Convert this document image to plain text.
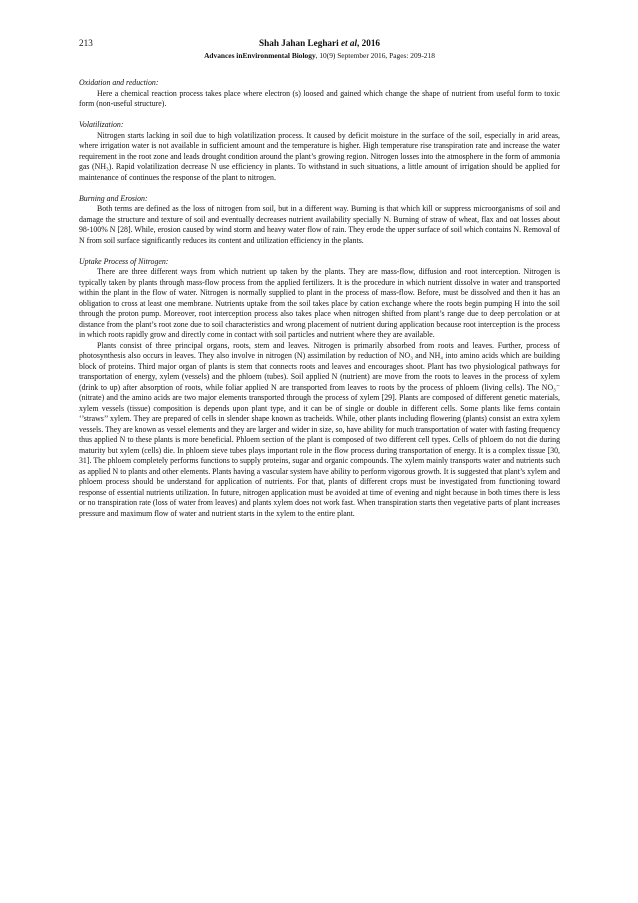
213	Shah Jahan Leghari et al, 2016
Advances inEnvironmental Biology, 10(9) September 2016, Pages: 209-218

Oxidation and reduction:

Here a chemical reaction process takes place where electron (s) loosed and gained which change the shape of nutrient from useful form to toxic form (non-useful structure).

Volatilization:

Nitrogen starts lacking in soil due to high volatilization process. It caused by deficit moisture in the surface of the soil, especially in arid areas, where irrigation water is not available in sufficient amount and the temperature is higher. High temperature rise transpiration rate and increase the water requirement in the root zone and leads drought condition around the plant’s growing region. Nitrogen losses into the atmosphere in the form of ammonia gas (NH₃). Rapid volatilization decrease N use efficiency in plants. To withstand in such situations, a little amount of irrigation should be applied for maintenance of continues the response of the plant to nitrogen.

Burning and Erosion:

Both terms are defined as the loss of nitrogen from soil, but in a different way. Burning is that which kill or suppress microorganisms of soil and damage the structure and texture of soil and eventually decreases nutrient availability specially N. Burning of straw of wheat, flax and oat losses about 98-100% N [28]. While, erosion caused by wind storm and heavy water flow of rain. They erode the upper surface of soil which contains N. Removal of N from soil surface significantly reduces its content and utilization efficiency in the plants.

Uptake Process of Nitrogen:

There are three different ways from which nutrient up taken by the plants. They are mass-flow, diffusion and root interception. Nitrogen is typically taken by plants through mass-flow process from the applied fertilizers. It is the procedure in which nutrient dissolve in water and transported within the plant in the flow of water. Nitrogen is normally supplied to plant in the process of mass-flow. Before, must be dissolved and then it has an obligation to cross at least one membrane. Nutrients uptake from the soil takes place by cation exchange where the roots begin pumping H into the soil through the proton pump. Moreover, root interception process also takes place when nitrogen shifted from plant’s range due to deep percolation or at distance from the plant’s root zone due to soil characteristics and wrong placement of nutrient during application because root interception is the process in which roots rapidly grow and directly come in contact with soil particles and nutrient where they are available.

Plants consist of three principal organs, roots, stem and leaves. Nitrogen is primarily absorbed from roots and leaves. Further, process of photosynthesis also occurs in leaves. They also involve in nitrogen (N) assimilation by reduction of NO₃ and NH₄ into amino acids which are building block of proteins. Third major organ of plants is stem that connects roots and leaves and encourages shoot. Plant has two physiological pathways for transportation of energy, xylem (vessels) and the phloem (tubes). Soil applied N (nutrient) are move from the roots to leaves in the process of xylem (drink to up) after absorption of roots, while foliar applied N are transported from leaves to roots by the process of phloem (living cells). The NO₃⁻ (nitrate) and the amino acids are two major elements transported through the process of xylem [29]. Plants are composed of different genetic materials, xylem vessels (tissue) composition is depends upon plant type, and it can be of single or double in different cells. Some plants like ferns contain ‘’straws’’ xylem. They are prepared of cells in slender shape known as tracheids. While, other plants including flowering (plants) consist an extra xylem vessels. They are known as vessel elements and they are larger and wider in size, so, have ability for much transportation of water with fasting frequency thus applied N to these plants is more beneficial. Phloem section of the plant is composed of two different cell types. Cells of phloem do not die during maturity but xylem (cells) die. In phloem sieve tubes plays important role in the flow process during transportation of energy. It is a complex tissue [30, 31]. The phloem completely performs functions to supply proteins, sugar and organic compounds. The xylem mainly transports water and nutrients such as applied N to plants and other elements. Plants having a vascular system have ability to perform vigorous growth. It is suggested that plant’s xylem and phloem process should be understand for application of nutrients. For that, plants of different crops must be investigated from functioning toward response of essential nutrients utilization. In future, nitrogen application must be avoided at time of evening and night because in both times there is less or no transpiration rate (loss of water from leaves) and plants xylem does not work fast. When transpiration starts then vegetative parts of plant increases pressure and maximum flow of water and nutrient starts in the xylem to the entire plant.
